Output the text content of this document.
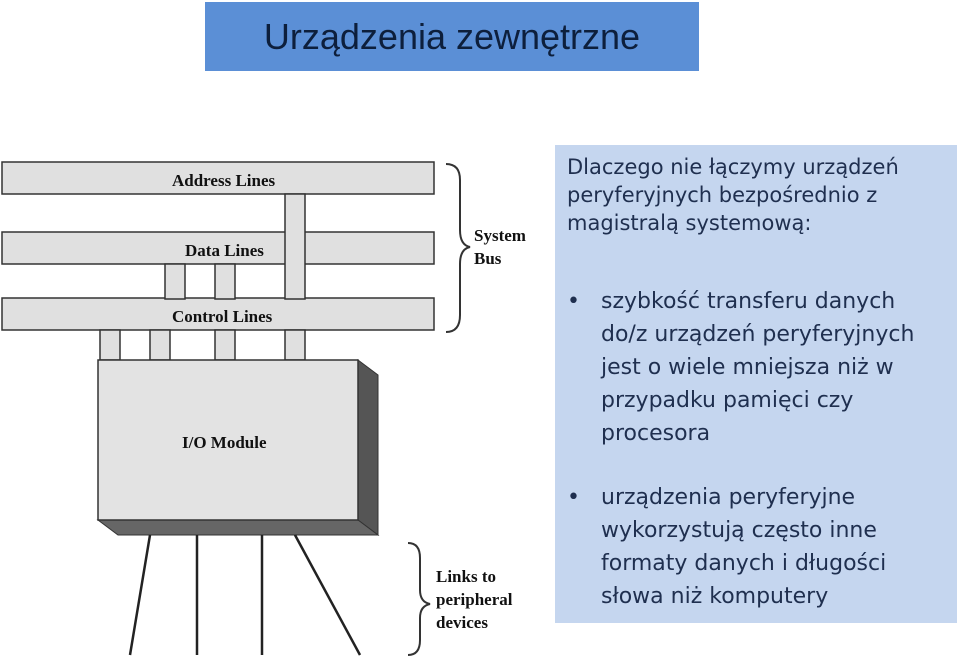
Urządzenia zewnętrzne
Address Lines
Data Lines
Control Lines
System
Bus
I/O Module
Links to
peripheral
devices
Dlaczego nie łączymy urządzeń peryferyjnych bezpośrednio z magistralą systemową:
• szybkość transferu danych do/z urządzeń peryferyjnych jest o wiele mniejsza niż w przypadku pamięci czy procesora
• urządzenia peryferyjne wykorzystują często inne formaty danych i długości słowa niż komputery
